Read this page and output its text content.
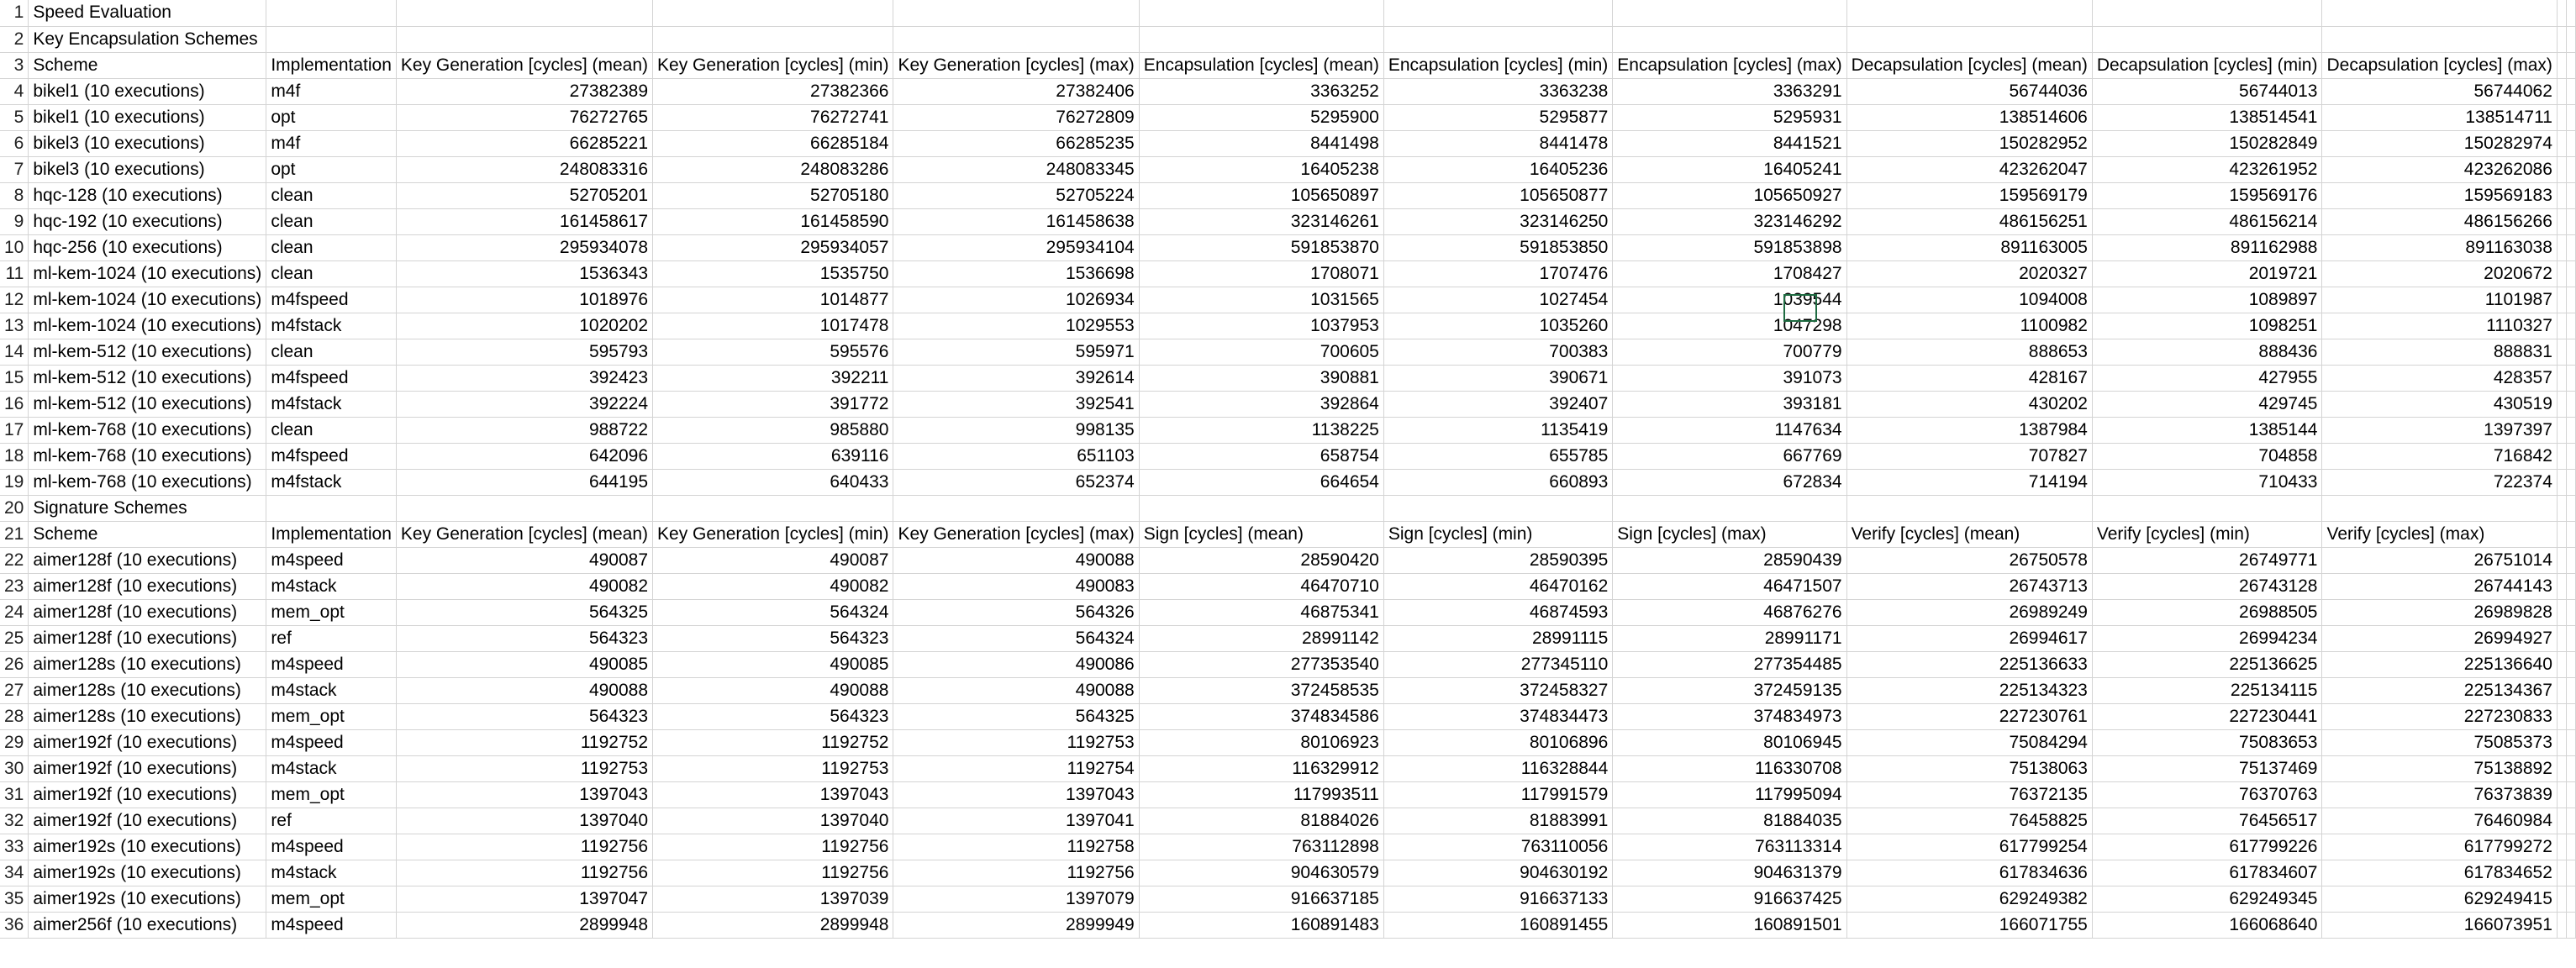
1	Speed Evaluation												
2	Key Encapsulation Schemes												
3	Scheme	Implementation	Key Generation [cycles] (mean)	Key Generation [cycles] (min)	Key Generation [cycles] (max)	Encapsulation [cycles] (mean)	Encapsulation [cycles] (min)	Encapsulation [cycles] (max)	Decapsulation [cycles] (mean)	Decapsulation [cycles] (min)	Decapsulation [cycles] (max)		
4	bikel1 (10 executions)	m4f	27382389	27382366	27382406	3363252	3363238	3363291	56744036	56744013	56744062		
5	bikel1 (10 executions)	opt	76272765	76272741	76272809	5295900	5295877	5295931	138514606	138514541	138514711		
6	bikel3 (10 executions)	m4f	66285221	66285184	66285235	8441498	8441478	8441521	150282952	150282849	150282974		
7	bikel3 (10 executions)	opt	248083316	248083286	248083345	16405238	16405236	16405241	423262047	423261952	423262086		
8	hqc-128 (10 executions)	clean	52705201	52705180	52705224	105650897	105650877	105650927	159569179	159569176	159569183		
9	hqc-192 (10 executions)	clean	161458617	161458590	161458638	323146261	323146250	323146292	486156251	486156214	486156266		
10	hqc-256 (10 executions)	clean	295934078	295934057	295934104	591853870	591853850	591853898	891163005	891162988	891163038		
11	ml-kem-1024 (10 executions)	clean	1536343	1535750	1536698	1708071	1707476	1708427	2020327	2019721	2020672		
12	ml-kem-1024 (10 executions)	m4fspeed	1018976	1014877	1026934	1031565	1027454	1039544	1094008	1089897	1101987		
13	ml-kem-1024 (10 executions)	m4fstack	1020202	1017478	1029553	1037953	1035260	1047298	1100982	1098251	1110327		
14	ml-kem-512 (10 executions)	clean	595793	595576	595971	700605	700383	700779	888653	888436	888831		
15	ml-kem-512 (10 executions)	m4fspeed	392423	392211	392614	390881	390671	391073	428167	427955	428357		
16	ml-kem-512 (10 executions)	m4fstack	392224	391772	392541	392864	392407	393181	430202	429745	430519		
17	ml-kem-768 (10 executions)	clean	988722	985880	998135	1138225	1135419	1147634	1387984	1385144	1397397		
18	ml-kem-768 (10 executions)	m4fspeed	642096	639116	651103	658754	655785	667769	707827	704858	716842		
19	ml-kem-768 (10 executions)	m4fstack	644195	640433	652374	664654	660893	672834	714194	710433	722374		
20	Signature Schemes												
21	Scheme	Implementation	Key Generation [cycles] (mean)	Key Generation [cycles] (min)	Key Generation [cycles] (max)	Sign [cycles] (mean)	Sign [cycles] (min)	Sign [cycles] (max)	Verify [cycles] (mean)	Verify [cycles] (min)	Verify [cycles] (max)		
22	aimer128f (10 executions)	m4speed	490087	490087	490088	28590420	28590395	28590439	26750578	26749771	26751014		
23	aimer128f (10 executions)	m4stack	490082	490082	490083	46470710	46470162	46471507	26743713	26743128	26744143		
24	aimer128f (10 executions)	mem_opt	564325	564324	564326	46875341	46874593	46876276	26989249	26988505	26989828		
25	aimer128f (10 executions)	ref	564323	564323	564324	28991142	28991115	28991171	26994617	26994234	26994927		
26	aimer128s (10 executions)	m4speed	490085	490085	490086	277353540	277345110	277354485	225136633	225136625	225136640		
27	aimer128s (10 executions)	m4stack	490088	490088	490088	372458535	372458327	372459135	225134323	225134115	225134367		
28	aimer128s (10 executions)	mem_opt	564323	564323	564325	374834586	374834473	374834973	227230761	227230441	227230833		
29	aimer192f (10 executions)	m4speed	1192752	1192752	1192753	80106923	80106896	80106945	75084294	75083653	75085373		
30	aimer192f (10 executions)	m4stack	1192753	1192753	1192754	116329912	116328844	116330708	75138063	75137469	75138892		
31	aimer192f (10 executions)	mem_opt	1397043	1397043	1397043	117993511	117991579	117995094	76372135	76370763	76373839		
32	aimer192f (10 executions)	ref	1397040	1397040	1397041	81884026	81883991	81884035	76458825	76456517	76460984		
33	aimer192s (10 executions)	m4speed	1192756	1192756	1192758	763112898	763110056	763113314	617799254	617799226	617799272		
34	aimer192s (10 executions)	m4stack	1192756	1192756	1192756	904630579	904630192	904631379	617834636	617834607	617834652		
35	aimer192s (10 executions)	mem_opt	1397047	1397039	1397079	916637185	916637133	916637425	629249382	629249345	629249415		
36	aimer256f (10 executions)	m4speed	2899948	2899948	2899949	160891483	160891455	160891501	166071755	166068640	166073951		
